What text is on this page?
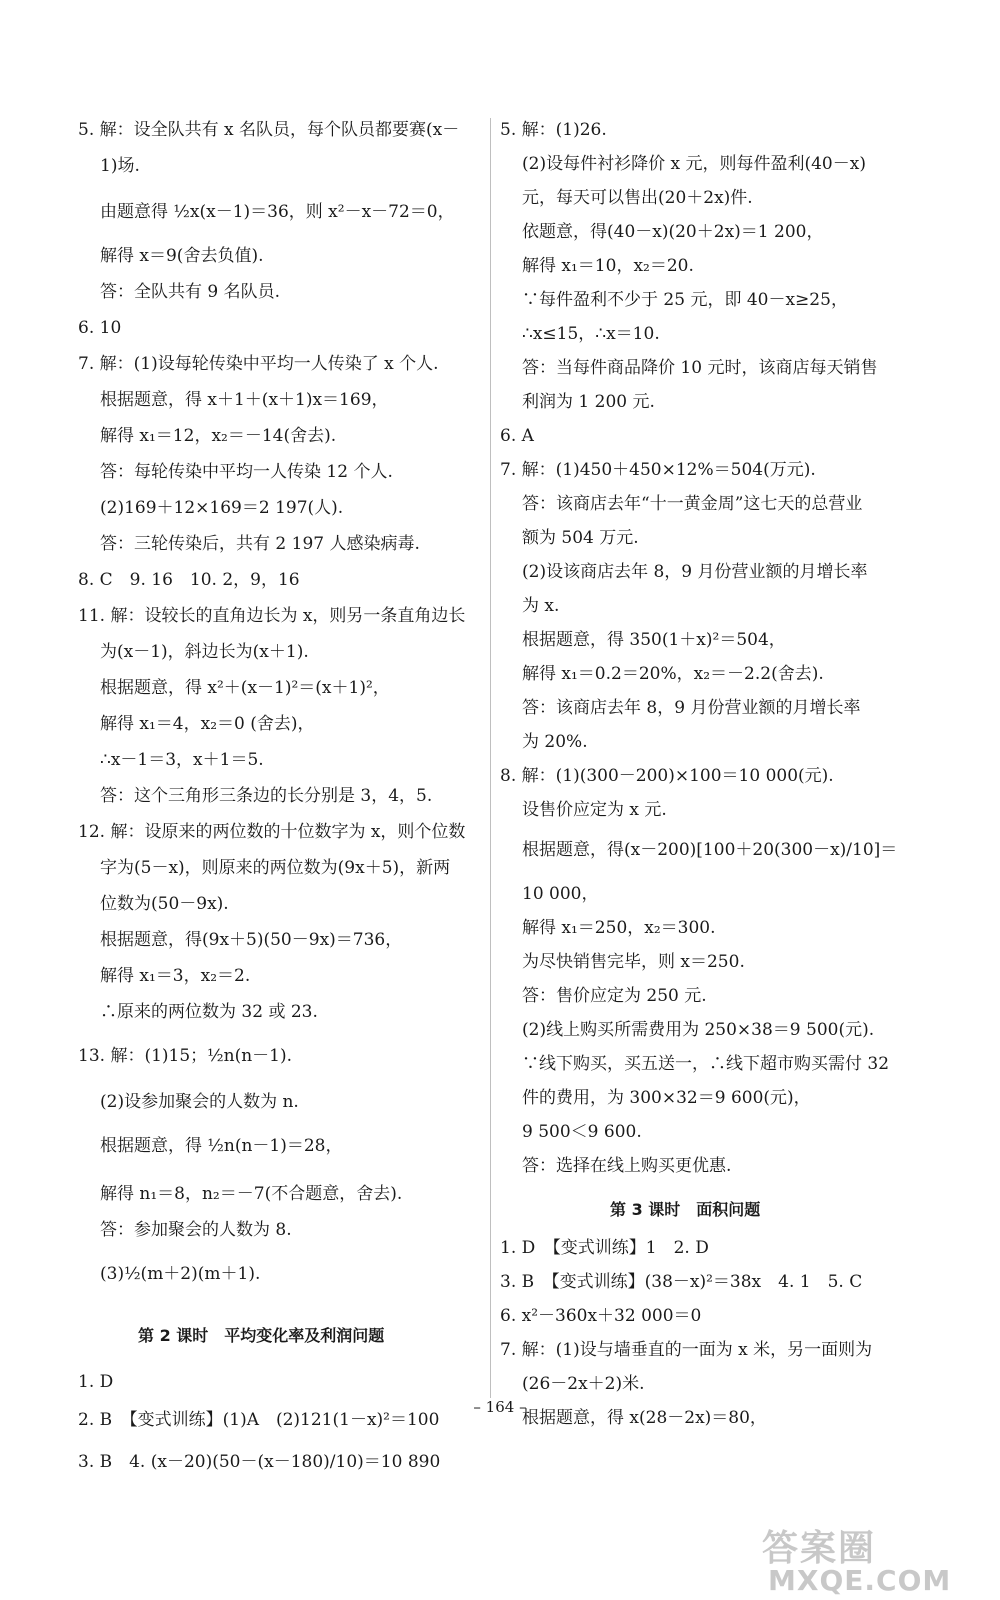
5. 解：设全队共有 x 名队员，每个队员都要赛(x－
1)场.
由题意得 ½x(x－1)＝36，则 x²－x－72＝0，
解得 x＝9(舍去负值).
答：全队共有 9 名队员.
6. 10
7. 解：(1)设每轮传染中平均一人传染了 x 个人.
根据题意，得 x＋1＋(x＋1)x＝169，
解得 x₁＝12，x₂＝－14(舍去).
答：每轮传染中平均一人传染 12 个人.
(2)169＋12×169＝2 197(人).
答：三轮传染后，共有 2 197 人感染病毒.
8. C　9. 16　10. 2，9，16
11. 解：设较长的直角边长为 x，则另一条直角边长
为(x－1)，斜边长为(x＋1).
根据题意，得 x²＋(x－1)²＝(x＋1)²，
解得 x₁＝4，x₂＝0 (舍去)，
∴x－1＝3，x＋1＝5.
答：这个三角形三条边的长分别是 3，4，5.
12. 解：设原来的两位数的十位数字为 x，则个位数
字为(5－x)，则原来的两位数为(9x＋5)，新两
位数为(50－9x).
根据题意，得(9x＋5)(50－9x)＝736，
解得 x₁＝3，x₂＝2.
∴原来的两位数为 32 或 23.
13. 解：(1)15；½n(n－1).
(2)设参加聚会的人数为 n.
根据题意，得 ½n(n－1)＝28，
解得 n₁＝8，n₂＝－7(不合题意，舍去).
答：参加聚会的人数为 8.
(3)½(m＋2)(m＋1).
第 2 课时　平均变化率及利润问题
1. D
2. B　【变式训练】(1)A　(2)121(1－x)²＝100
3. B　4. (x－20)(50－(x－180)/10)＝10 890
5. 解：(1)26.
(2)设每件衬衫降价 x 元，则每件盈利(40－x)
元，每天可以售出(20＋2x)件.
依题意，得(40－x)(20＋2x)＝1 200，
解得 x₁＝10，x₂＝20.
∵每件盈利不少于 25 元，即 40－x≥25，
∴x≤15，∴x＝10.
答：当每件商品降价 10 元时，该商店每天销售
利润为 1 200 元.
6. A
7. 解：(1)450＋450×12%＝504(万元).
答：该商店去年“十一黄金周”这七天的总营业
额为 504 万元.
(2)设该商店去年 8，9 月份营业额的月增长率
为 x.
根据题意，得 350(1＋x)²＝504，
解得 x₁＝0.2＝20%，x₂＝－2.2(舍去).
答：该商店去年 8，9 月份营业额的月增长率
为 20%.
8. 解：(1)(300－200)×100＝10 000(元).
设售价应定为 x 元.
根据题意，得(x－200)[100＋20(300－x)/10]＝
10 000，
解得 x₁＝250，x₂＝300.
为尽快销售完毕，则 x＝250.
答：售价应定为 250 元.
(2)线上购买所需费用为 250×38＝9 500(元).
∵线下购买，买五送一，∴线下超市购买需付 32
件的费用，为 300×32＝9 600(元)，
9 500＜9 600.
答：选择在线上购买更优惠.
第 3 课时　面积问题
1. D　【变式训练】1　2. D
3. B　【变式训练】(38－x)²＝38x　4. 1　5. C
6. x²－360x＋32 000＝0
7. 解：(1)设与墙垂直的一面为 x 米，另一面则为
(26－2x＋2)米.
根据题意，得 x(28－2x)＝80，
– 164 –
答案圈
MXQE.COM
